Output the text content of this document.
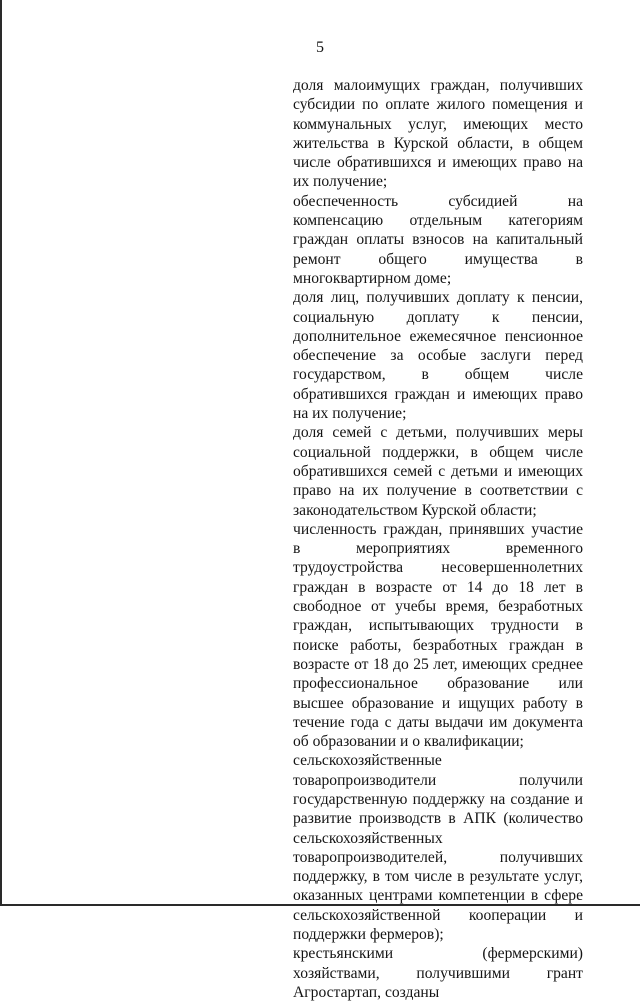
5

доля малоимущих граждан, получивших субсидии по оплате жилого помещения и коммунальных услуг, имеющих место жительства в Курской области, в общем числе обратившихся и имеющих право на их получение;

обеспеченность субсидией на компенсацию отдельным категориям граждан оплаты взносов на капитальный ремонт общего имущества в многоквартирном доме;

доля лиц, получивших доплату к пенсии, социальную доплату к пенсии, дополнительное ежемесячное пенсионное обеспечение за особые заслуги перед государством, в общем числе обратившихся граждан и имеющих право на их получение;

доля семей с детьми, получивших меры социальной поддержки, в общем числе обратившихся семей с детьми и имеющих право на их получение в соответствии с законодательством Курской области;

численность граждан, принявших участие в мероприятиях временного трудоустройства несовершеннолетних граждан в возрасте от 14 до 18 лет в свободное от учебы время, безработных граждан, испытывающих трудности в поиске работы, безработных граждан в возрасте от 18 до 25 лет, имеющих среднее профессиональное образование или высшее образование и ищущих работу в течение года с даты выдачи им документа об образовании и о квалификации;

сельскохозяйственные товаропроизводители получили государственную поддержку на создание и развитие производств в АПК (количество сельскохозяйственных товаропроизводителей, получивших поддержку, в том числе в результате услуг, оказанных центрами компетенции в сфере сельскохозяйственной кооперации и поддержки фермеров);

крестьянскими (фермерскими) хозяйствами, получившими грант Агростартап, созданы
